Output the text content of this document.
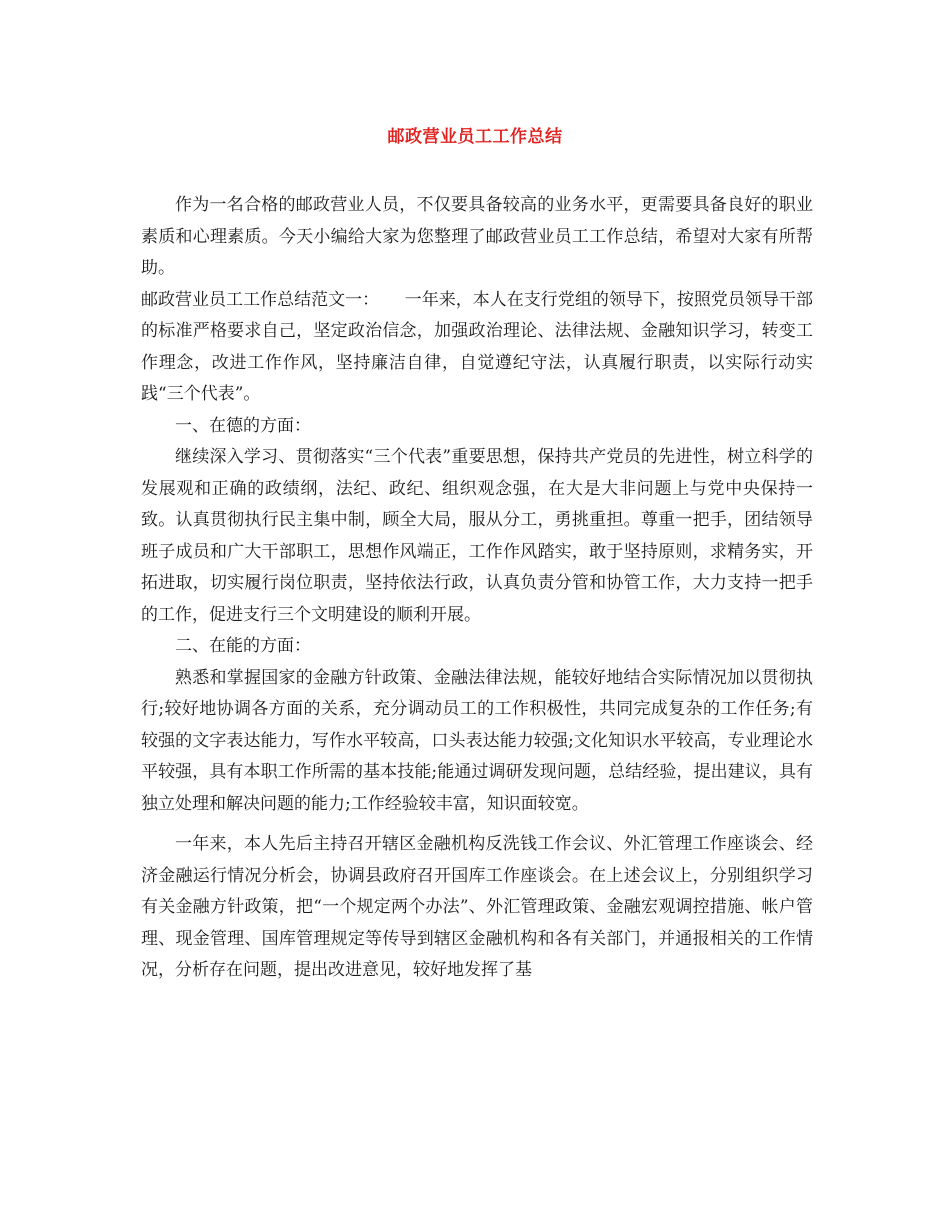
邮政营业员工工作总结

作为一名合格的邮政营业人员，不仅要具备较高的业务水平，更需要具备良好的职业素质和心理素质。今天小编给大家为您整理了邮政营业员工工作总结，希望对大家有所帮助。

邮政营业员工工作总结范文一：　　一年来，本人在支行党组的领导下，按照党员领导干部的标准严格要求自己，坚定政治信念，加强政治理论、法律法规、金融知识学习，转变工作理念，改进工作作风，坚持廉洁自律，自觉遵纪守法，认真履行职责，以实际行动实践“三个代表”。

一、在德的方面：

继续深入学习、贯彻落实“三个代表”重要思想，保持共产党员的先进性，树立科学的发展观和正确的政绩纲，法纪、政纪、组织观念强，在大是大非问题上与党中央保持一致。认真贯彻执行民主集中制，顾全大局，服从分工，勇挑重担。尊重一把手，团结领导班子成员和广大干部职工，思想作风端正，工作作风踏实，敢于坚持原则，求精务实，开拓进取，切实履行岗位职责，坚持依法行政，认真负责分管和协管工作，大力支持一把手的工作，促进支行三个文明建设的顺利开展。

二、在能的方面：

熟悉和掌握国家的金融方针政策、金融法律法规，能较好地结合实际情况加以贯彻执行;较好地协调各方面的关系，充分调动员工的工作积极性，共同完成复杂的工作任务;有较强的文字表达能力，写作水平较高，口头表达能力较强;文化知识水平较高，专业理论水平较强，具有本职工作所需的基本技能;能通过调研发现问题，总结经验，提出建议，具有独立处理和解决问题的能力;工作经验较丰富，知识面较宽。

一年来，本人先后主持召开辖区金融机构反洗钱工作会议、外汇管理工作座谈会、经济金融运行情况分析会，协调县政府召开国库工作座谈会。在上述会议上，分别组织学习有关金融方针政策，把“一个规定两个办法”、外汇管理政策、金融宏观调控措施、帐户管理、现金管理、国库管理规定等传导到辖区金融机构和各有关部门，并通报相关的工作情况，分析存在问题，提出改进意见，较好地发挥了基
